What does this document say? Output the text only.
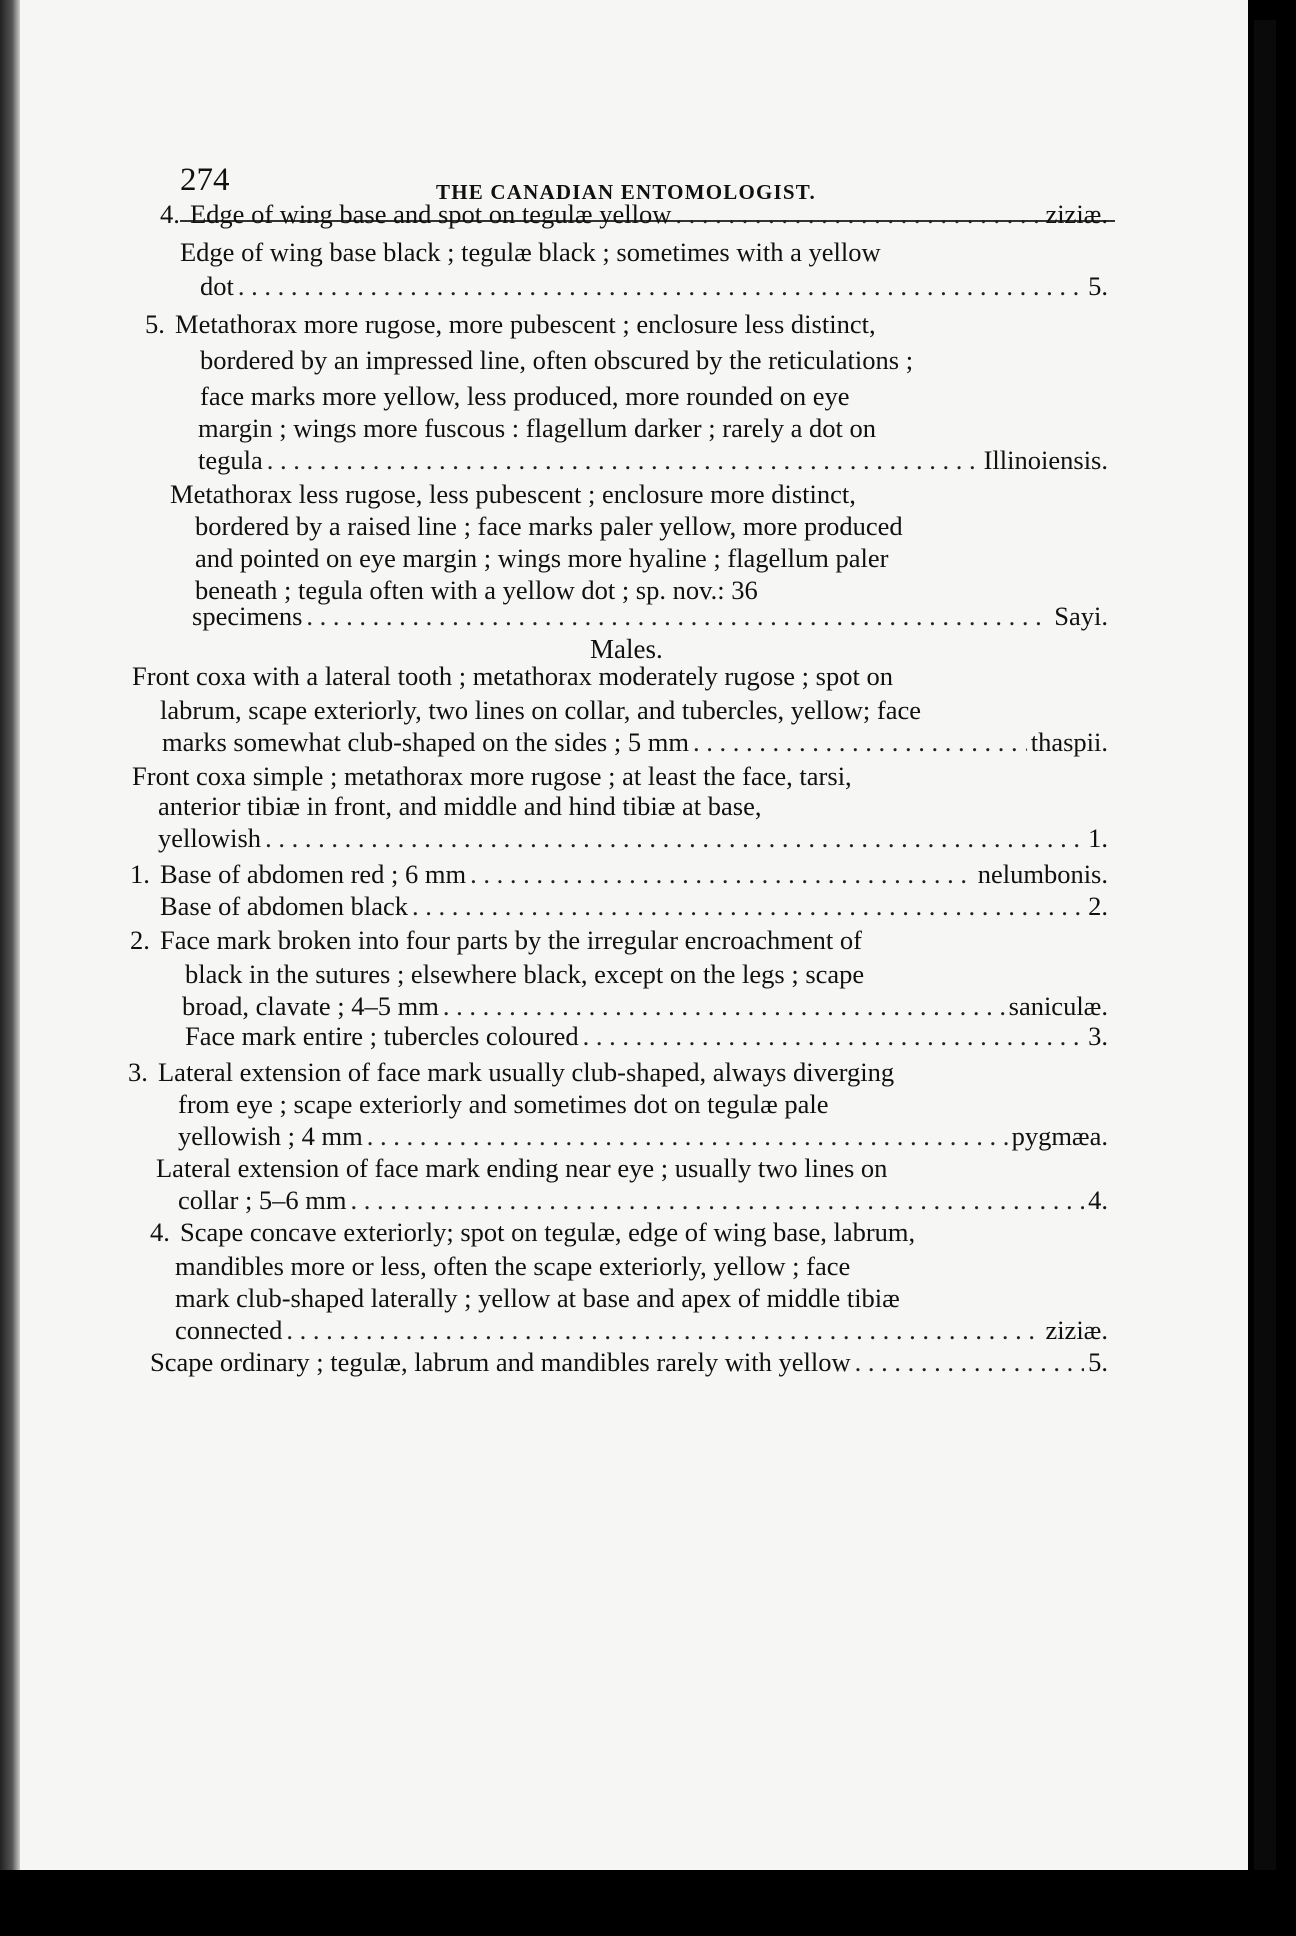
274	THE CANADIAN ENTOMOLOGIST.
Males.
4. Edge of wing base and spot on tegulæ yellow . . .	ziziæ.
Edge of wing base black ; tegulæ black ; sometimes with a yellow
dot . . .	5.
5. Metathorax more rugose, more pubescent ; enclosure less distinct,
bordered by an impressed line, often obscured by the reticulations ;
face marks more yellow, less produced, more rounded on eye
margin ; wings more fuscous : flagellum darker ; rarely a dot on
tegula . . .	Illinoiensis.
Metathorax less rugose, less pubescent ; enclosure more distinct,
bordered by a raised line ; face marks paler yellow, more produced
and pointed on eye margin ; wings more hyaline ; flagellum paler
beneath ; tegula often with a yellow dot ; sp. nov.: 36
specimens . . .	Sayi.
Front coxa with a lateral tooth ; metathorax moderately rugose ; spot on
labrum, scape exteriorly, two lines on collar, and tubercles, yellow; face
marks somewhat club-shaped on the sides ; 5 mm . . .	thaspii.
Front coxa simple ; metathorax more rugose ; at least the face, tarsi,
anterior tibiæ in front, and middle and hind tibiæ at base,
yellowish . . .	1.
1. Base of abdomen red ; 6 mm . . .	nelumbonis.
Base of abdomen black . . .	2.
2. Face mark broken into four parts by the irregular encroachment of
black in the sutures ; elsewhere black, except on the legs ; scape
broad, clavate ; 4–5 mm . . .	saniculæ.
Face mark entire ; tubercles coloured . . .	3.
3. Lateral extension of face mark usually club-shaped, always diverging
from eye ; scape exteriorly and sometimes dot on tegulæ pale
yellowish ; 4 mm . . .	pygmæa.
Lateral extension of face mark ending near eye ; usually two lines on
collar ; 5–6 mm . . .	4.
4. Scape concave exteriorly; spot on tegulæ, edge of wing base, labrum,
mandibles more or less, often the scape exteriorly, yellow ; face
mark club-shaped laterally ; yellow at base and apex of middle tibiæ
connected . . .	ziziæ.
Scape ordinary ; tegulæ, labrum and mandibles rarely with yellow . . .	5.
